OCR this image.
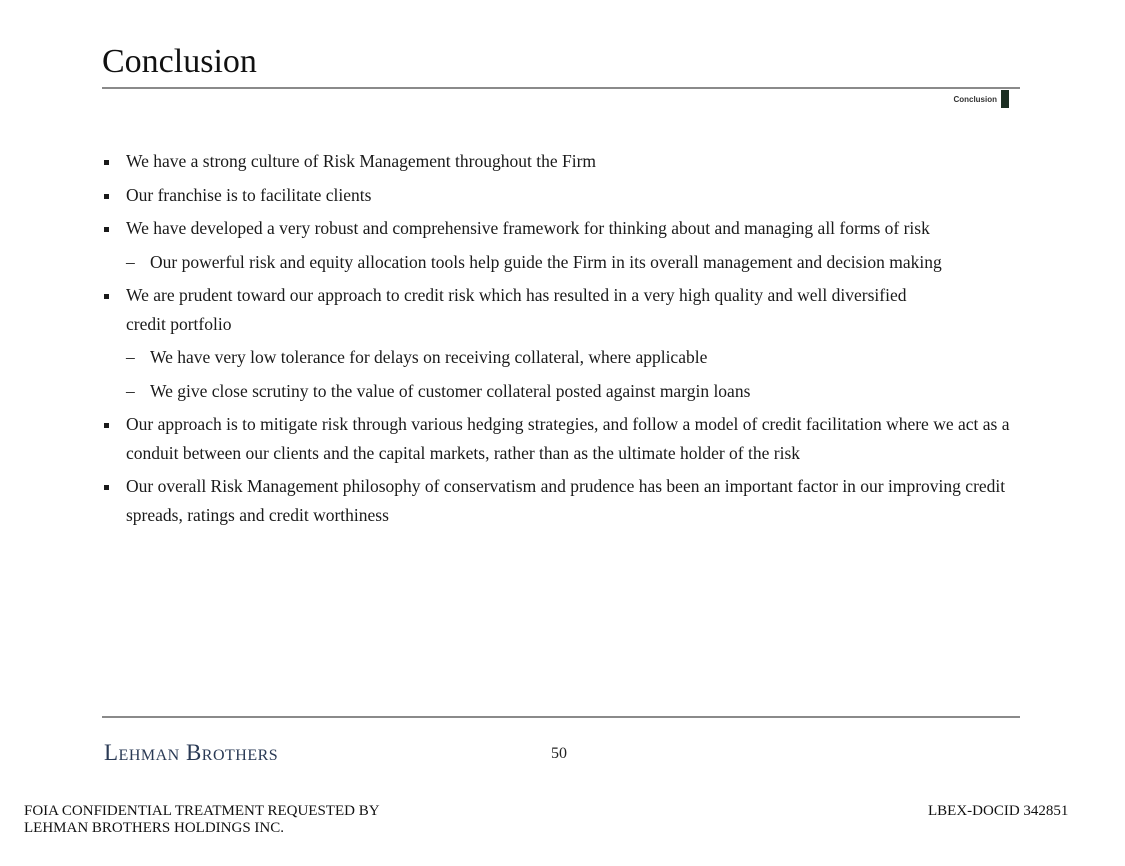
Conclusion
Conclusion
We have a strong culture of Risk Management throughout the Firm
Our franchise is to facilitate clients
We have developed a very robust and comprehensive framework for thinking about and managing all forms of risk
– Our powerful risk and equity allocation tools help guide the Firm in its overall management and decision making
We are prudent toward our approach to credit risk which has resulted in a very high quality and well diversified
credit portfolio
– We have very low tolerance for delays on receiving collateral, where applicable
– We give close scrutiny to the value of customer collateral posted against margin loans
Our approach is to mitigate risk through various hedging strategies, and follow a model of credit facilitation where we act as a conduit between our clients and the capital markets, rather than as the ultimate holder of the risk
Our overall Risk Management philosophy of conservatism and prudence has been an important factor in our improving credit spreads, ratings and credit worthiness
Lehman Brothers	50
FOIA CONFIDENTIAL TREATMENT REQUESTED BY
LEHMAN BROTHERS HOLDINGS INC.
LBEX-DOCID 342851
